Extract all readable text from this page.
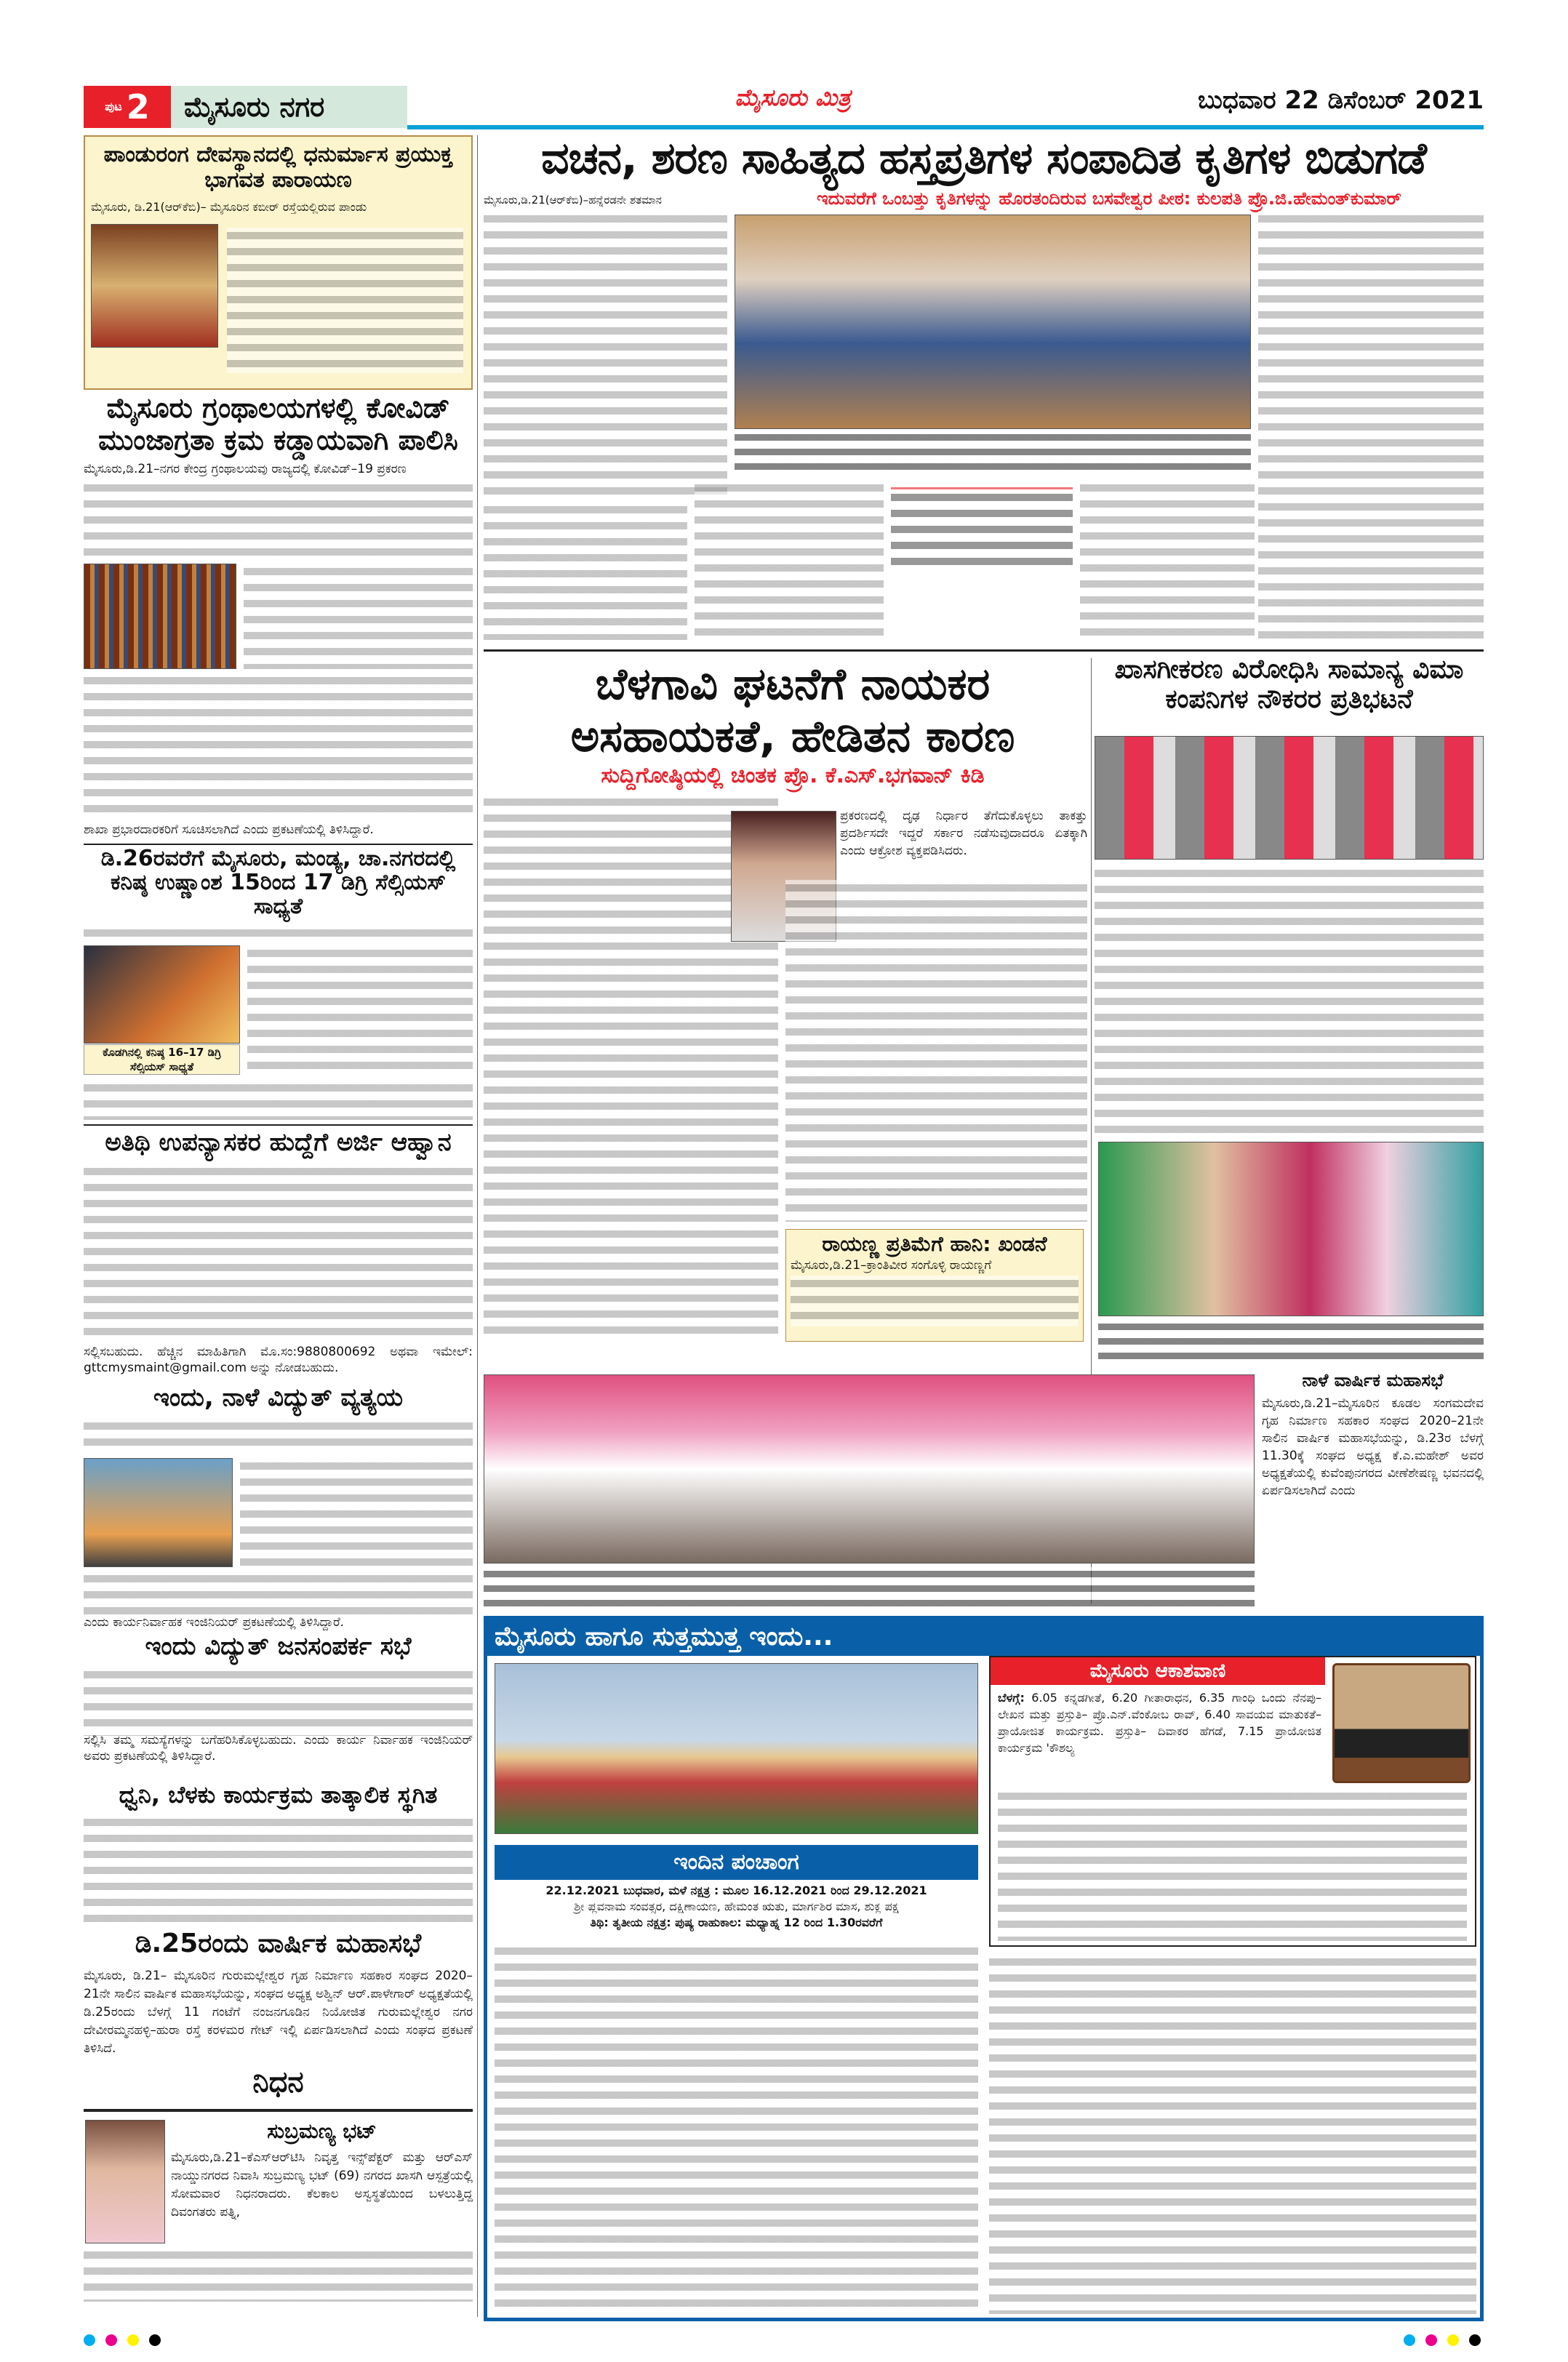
ಪುಟ 2	ಮೈಸೂರು ನಗರ	ಮೈಸೂರು ಮಿತ್ರ	ಬುಧವಾರ 22 ಡಿಸೆಂಬರ್ 2021
ಪಾಂಡುರಂಗ ದೇವಸ್ಥಾನದಲ್ಲಿ ಧನುರ್ಮಾಸ ಪ್ರಯುಕ್ತ ಭಾಗವತ ಪಾರಾಯಣ
ಮೈಸೂರು, ಡಿ.21(ಆರ್‌ಕೆಬಿ)– ಮೈಸೂರಿನ ಕಬೀರ್ ರಸ್ತೆಯಲ್ಲಿರುವ ಪಾಂಡು
ಮೈಸೂರು ಗ್ರಂಥಾಲಯಗಳಲ್ಲಿ ಕೋವಿಡ್ ಮುಂಜಾಗ್ರತಾ ಕ್ರಮ ಕಡ್ಡಾಯವಾಗಿ ಪಾಲಿಸಿ
ಮೈಸೂರು,ಡಿ.21–ನಗರ ಕೇಂದ್ರ ಗ್ರಂಥಾಲಯವು ರಾಜ್ಯದಲ್ಲಿ ಕೋವಿಡ್–19 ಪ್ರಕರಣ
ಶಾಖಾ ಪ್ರಭಾರದಾರಕರಿಗೆ ಸೂಚಿಸಲಾಗಿದೆ ಎಂದು ಪ್ರಕಟಣೆಯಲ್ಲಿ ತಿಳಿಸಿದ್ದಾರೆ.
ಡಿ.26ರವರೆಗೆ ಮೈಸೂರು, ಮಂಡ್ಯ, ಚಾ.ನಗರದಲ್ಲಿ ಕನಿಷ್ಠ ಉಷ್ಣಾಂಶ 15ರಿಂದ 17 ಡಿಗ್ರಿ ಸೆಲ್ಸಿಯಸ್ ಸಾಧ್ಯತೆ
ಕೊಡಗಿನಲ್ಲಿ ಕನಿಷ್ಠ 16–17 ಡಿಗ್ರಿ ಸೆಲ್ಸಿಯಸ್ ಸಾಧ್ಯತೆ
ಅತಿಥಿ ಉಪನ್ಯಾಸಕರ ಹುದ್ದೆಗೆ ಅರ್ಜಿ ಆಹ್ವಾನ
ಸಲ್ಲಿಸಬಹುದು. ಹೆಚ್ಚಿನ ಮಾಹಿತಿಗಾಗಿ ಮೊ.ಸಂ:9880800692 ಅಥವಾ ಇಮೇಲ್: gttcmysmaint@gmail.com ಅನ್ನು ನೋಡಬಹುದು.
ಇಂದು, ನಾಳೆ ವಿದ್ಯುತ್ ವ್ಯತ್ಯಯ
ಎಂದು ಕಾರ್ಯನಿರ್ವಾಹಕ ಇಂಜಿನಿಯರ್ ಪ್ರಕಟಣೆಯಲ್ಲಿ ತಿಳಿಸಿದ್ದಾರೆ.
ಇಂದು ವಿದ್ಯುತ್ ಜನಸಂಪರ್ಕ ಸಭೆ
ಸಲ್ಲಿಸಿ ತಮ್ಮ ಸಮಸ್ಯೆಗಳನ್ನು ಬಗೆಹರಿಸಿಕೊಳ್ಳಬಹುದು. ಎಂದು ಕಾರ್ಯ ನಿರ್ವಾಹಕ ಇಂಜಿನಿಯರ್ ಅವರು ಪ್ರಕಟಣೆಯಲ್ಲಿ ತಿಳಿಸಿದ್ದಾರೆ.
ಧ್ವನಿ, ಬೆಳಕು ಕಾರ್ಯಕ್ರಮ ತಾತ್ಕಾಲಿಕ ಸ್ಥಗಿತ
ಡಿ.25ರಂದು ವಾರ್ಷಿಕ ಮಹಾಸಭೆ
ಮೈಸೂರು, ಡಿ.21– ಮೈಸೂರಿನ ಗುರುಮಲ್ಲೇಶ್ವರ ಗೃಹ ನಿರ್ಮಾಣ ಸಹಕಾರ ಸಂಘದ 2020–21ನೇ ಸಾಲಿನ ವಾರ್ಷಿಕ ಮಹಾಸಭೆಯನ್ನು, ಸಂಘದ ಅಧ್ಯಕ್ಷ ಅಶ್ವಿನ್ ಆರ್.ಪಾಳೇಗಾರ್ ಅಧ್ಯಕ್ಷತೆಯಲ್ಲಿ ಡಿ.25ರಂದು ಬೆಳಗ್ಗೆ 11 ಗಂಟೆಗೆ ನಂಜನಗೂಡಿನ ನಿಯೋಜಿತ ಗುರುಮಲ್ಲೇಶ್ವರ ನಗರ ದೇವೀರಮ್ಮನಹಳ್ಳಿ–ಹುರಾ ರಸ್ತೆ ಕರಳಮರ ಗೇಟ್ ಇಲ್ಲಿ ಏರ್ಪಡಿಸಲಾಗಿದೆ ಎಂದು ಸಂಘದ ಪ್ರಕಟಣೆ ತಿಳಿಸಿದೆ.
ನಿಧನ
ಸುಬ್ರಮಣ್ಯ ಭಟ್
ಮೈಸೂರು,ಡಿ.21–ಕೆಎಸ್‌ಆರ್‌ಟಿಸಿ ನಿವೃತ್ತ ಇನ್ಸ್‌ಪೆಕ್ಟರ್ ಮತ್ತು ಆರ್‌ಎಸ್ ನಾಯ್ಡುನಗರದ ನಿವಾಸಿ ಸುಬ್ರಮಣ್ಯ ಭಟ್ (69) ನಗರದ ಖಾಸಗಿ ಆಸ್ಪತ್ರೆಯಲ್ಲಿ ಸೋಮವಾರ ನಿಧನರಾದರು. ಕೆಲಕಾಲ ಅಸ್ವಸ್ಥತೆಯಿಂದ ಬಳಲುತ್ತಿದ್ದ ದಿವಂಗತರು ಪತ್ನಿ,
ವಚನ, ಶರಣ ಸಾಹಿತ್ಯದ ಹಸ್ತಪ್ರತಿಗಳ ಸಂಪಾದಿತ ಕೃತಿಗಳ ಬಿಡುಗಡೆ
ಮೈಸೂರು,ಡಿ.21(ಆರ್‌ಕೆಬಿ)–ಹನ್ನೆರಡನೇ ಶತಮಾನ	ಇದುವರೆಗೆ ಒಂಬತ್ತು ಕೃತಿಗಳನ್ನು ಹೊರತಂದಿರುವ ಬಸವೇಶ್ವರ ಪೀಠ: ಕುಲಪತಿ ಪ್ರೊ.ಜಿ.ಹೇಮಂತ್‌ಕುಮಾರ್
ಬೆಳಗಾವಿ ಘಟನೆಗೆ ನಾಯಕರ ಅಸಹಾಯಕತೆ, ಹೇಡಿತನ ಕಾರಣ
ಸುದ್ದಿಗೋಷ್ಠಿಯಲ್ಲಿ ಚಿಂತಕ ಪ್ರೊ. ಕೆ.ಎಸ್.ಭಗವಾನ್ ಕಿಡಿ
ಪ್ರಕರಣದಲ್ಲಿ ದೃಢ ನಿರ್ಧಾರ ತೆಗೆದುಕೊಳ್ಳಲು ತಾಕತ್ತು ಪ್ರದರ್ಶಿಸದೇ ಇದ್ದರೆ ಸರ್ಕಾರ ನಡೆಸುವುದಾದರೂ ಏತಕ್ಕಾಗಿ ಎಂದು ಆಕ್ರೋಶ ವ್ಯಕ್ತಪಡಿಸಿದರು.
ರಾಯಣ್ಣ ಪ್ರತಿಮೆಗೆ ಹಾನಿ: ಖಂಡನೆ
ಮೈಸೂರು,ಡಿ.21–ಕ್ರಾಂತಿವೀರ ಸಂಗೊಳ್ಳಿ ರಾಯಣ್ಣಗೆ
ಖಾಸಗೀಕರಣ ವಿರೋಧಿಸಿ ಸಾಮಾನ್ಯ ವಿಮಾ ಕಂಪನಿಗಳ ನೌಕರರ ಪ್ರತಿಭಟನೆ
ನಾಳೆ ವಾರ್ಷಿಕ ಮಹಾಸಭೆ
ಮೈಸೂರು,ಡಿ.21–ಮೈಸೂರಿನ ಕೂಡಲ ಸಂಗಮದೇವ ಗೃಹ ನಿರ್ಮಾಣ ಸಹಕಾರ ಸಂಘದ 2020–21ನೇ ಸಾಲಿನ ವಾರ್ಷಿಕ ಮಹಾಸಭೆಯನ್ನು, ಡಿ.23ರ ಬೆಳಗ್ಗೆ 11.30ಕ್ಕೆ ಸಂಘದ ಅಧ್ಯಕ್ಷ ಕೆ.ಎ.ಮಹೇಶ್ ಅವರ ಅಧ್ಯಕ್ಷತೆಯಲ್ಲಿ ಕುವೆಂಪುನಗರದ ವೀಣೆಶೇಷಣ್ಣ ಭವನದಲ್ಲಿ ಏರ್ಪಡಿಸಲಾಗಿದೆ ಎಂದು
ಮೈಸೂರು ಹಾಗೂ ಸುತ್ತಮುತ್ತ ಇಂದು...
ಇಂದಿನ ಪಂಚಾಂಗ
22.12.2021 ಬುಧವಾರ, ಮಳೆ ನಕ್ಷತ್ರ : ಮೂಲ 16.12.2021 ರಿಂದ 29.12.2021
ಶ್ರೀ ಪ್ಲವನಾಮ ಸಂವತ್ಸರ, ದಕ್ಷಿಣಾಯಣ, ಹೇಮಂತ ಋತು, ಮಾರ್ಗಶಿರ ಮಾಸ, ಶುಕ್ಲ ಪಕ್ಷ
ತಿಥಿ: ತೃತೀಯ ನಕ್ಷತ್ರ: ಪುಷ್ಯ ರಾಹುಕಾಲ: ಮಧ್ಯಾಹ್ನ 12 ರಿಂದ 1.30ರವರೆಗೆ
ಮೈಸೂರು ಆಕಾಶವಾಣಿ
ಬೆಳಗ್ಗೆ: 6.05 ಕನ್ನಡಗೀತೆ, 6.20 ಗೀತಾರಾಧನ, 6.35 ಗಾಂಧಿ ಒಂದು ನೆನಪು–ಲೇಖನ ಮತ್ತು ಪ್ರಸ್ತುತಿ– ಪ್ರೊ.ಎನ್.ವೆಂಕೋಬ ರಾವ್, 6.40 ಸಾವಯವ ಮಾತುಕತೆ–ಪ್ರಾಯೋಜಿತ ಕಾರ್ಯಕ್ರಮ. ಪ್ರಸ್ತುತಿ– ದಿವಾಕರ ಹೆಗಡೆ, 7.15 ಪ್ರಾಯೋಜಿತ ಕಾರ್ಯಕ್ರಮ 'ಕೌಶಲ್ಯ
